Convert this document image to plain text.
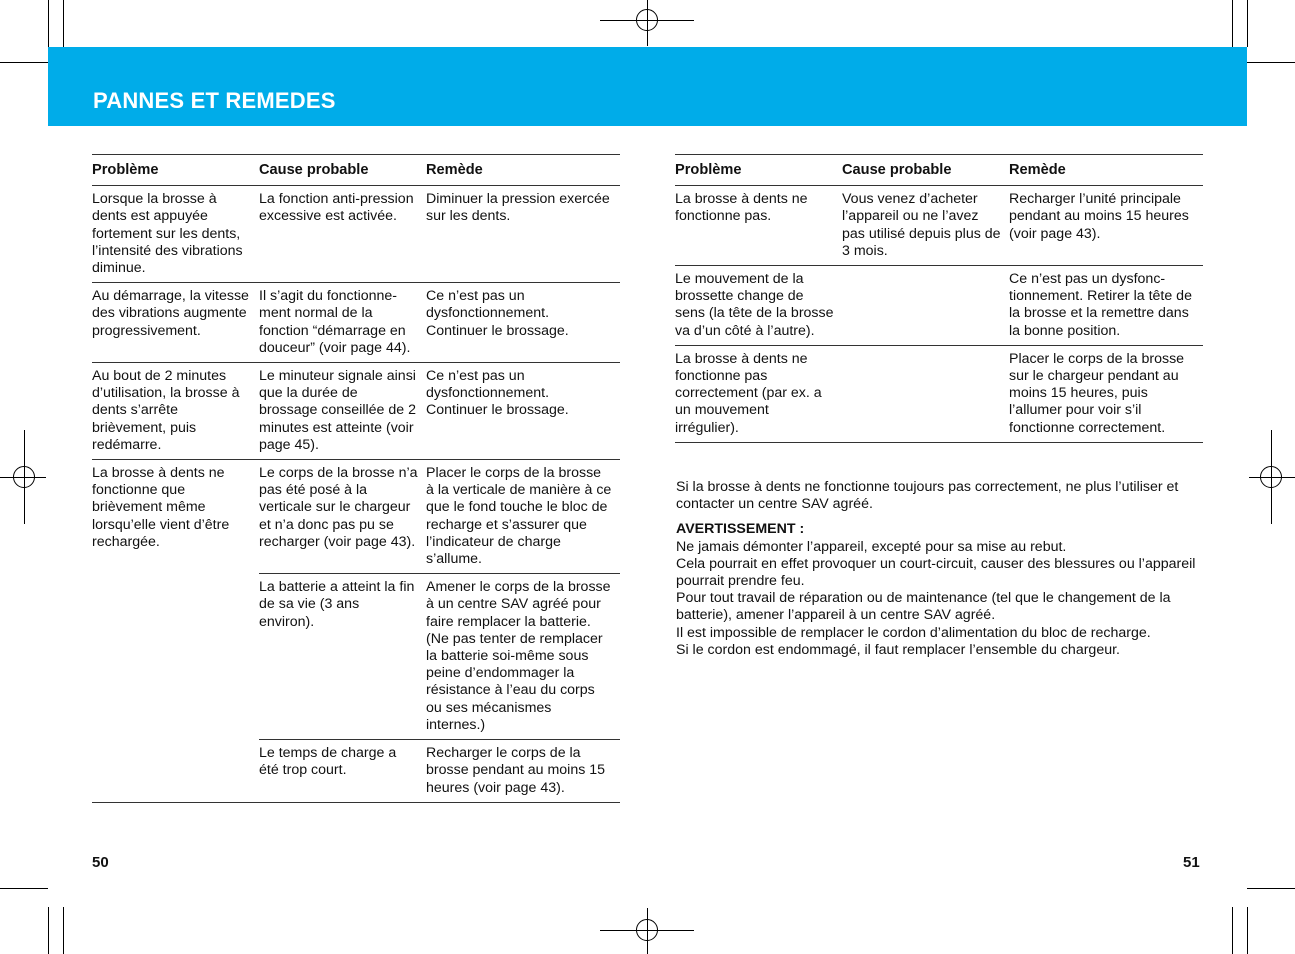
PANNES ET REMEDES
Problème	Cause probable	Remède
Lorsque la brosse à dents est appuyée fortement sur les dents, l’intensité des vibrations diminue.	La fonction anti-pression excessive est activée.	Diminuer la pression exercée sur les dents.
Au démarrage, la vitesse des vibrations augmente progressivement.	Il s’agit du fonctionne-ment normal de la fonction “démarrage en douceur” (voir page 44).	Ce n’est pas un dysfonctionnement. Continuer le brossage.
Au bout de 2 minutes d’utilisation, la brosse à dents s’arrête brièvement, puis redémarre.	Le minuteur signale ainsi que la durée de brossage conseillée de 2 minutes est atteinte (voir page 45).	Ce n’est pas un dysfonctionnement. Continuer le brossage.
La brosse à dents ne fonctionne que brièvement même lorsqu’elle vient d’être rechargée.	Le corps de la brosse n’a pas été posé à la verticale sur le chargeur et n’a donc pas pu se recharger (voir page 43).	Placer le corps de la brosse à la verticale de manière à ce que le fond touche le bloc de recharge et s’assurer que l’indicateur de charge s’allume.
	La batterie a atteint la fin de sa vie (3 ans environ).	Amener le corps de la brosse à un centre SAV agréé pour faire remplacer la batterie. (Ne pas tenter de remplacer la batterie soi-même sous peine d’endommager la résistance à l’eau du corps ou ses mécanismes internes.)
	Le temps de charge a été trop court.	Recharger le corps de la brosse pendant au moins 15 heures (voir page 43).
Problème	Cause probable	Remède
La brosse à dents ne fonctionne pas.	Vous venez d’acheter l’appareil ou ne l’avez pas utilisé depuis plus de 3 mois.	Recharger l’unité principale pendant au moins 15 heures (voir page 43).
Le mouvement de la brossette change de sens (la tête de la brosse va d’un côté à l’autre).		Ce n’est pas un dysfonc-tionnement. Retirer la tête de la brosse et la remettre dans la bonne position.
La brosse à dents ne fonctionne pas correctement (par ex. a un mouvement irrégulier).		Placer le corps de la brosse sur le chargeur pendant au moins 15 heures, puis l’allumer pour voir s’il fonctionne correctement.

Si la brosse à dents ne fonctionne toujours pas correctement, ne plus l’utiliser et contacter un centre SAV agréé.

AVERTISSEMENT :

Ne jamais démonter l’appareil, excepté pour sa mise au rebut.
Cela pourrait en effet provoquer un court-circuit, causer des blessures ou l’appareil pourrait prendre feu.
Pour tout travail de réparation ou de maintenance (tel que le changement de la batterie), amener l’appareil à un centre SAV agréé.
Il est impossible de remplacer le cordon d’alimentation du bloc de recharge.
Si le cordon est endommagé, il faut remplacer l’ensemble du chargeur.

50	51
